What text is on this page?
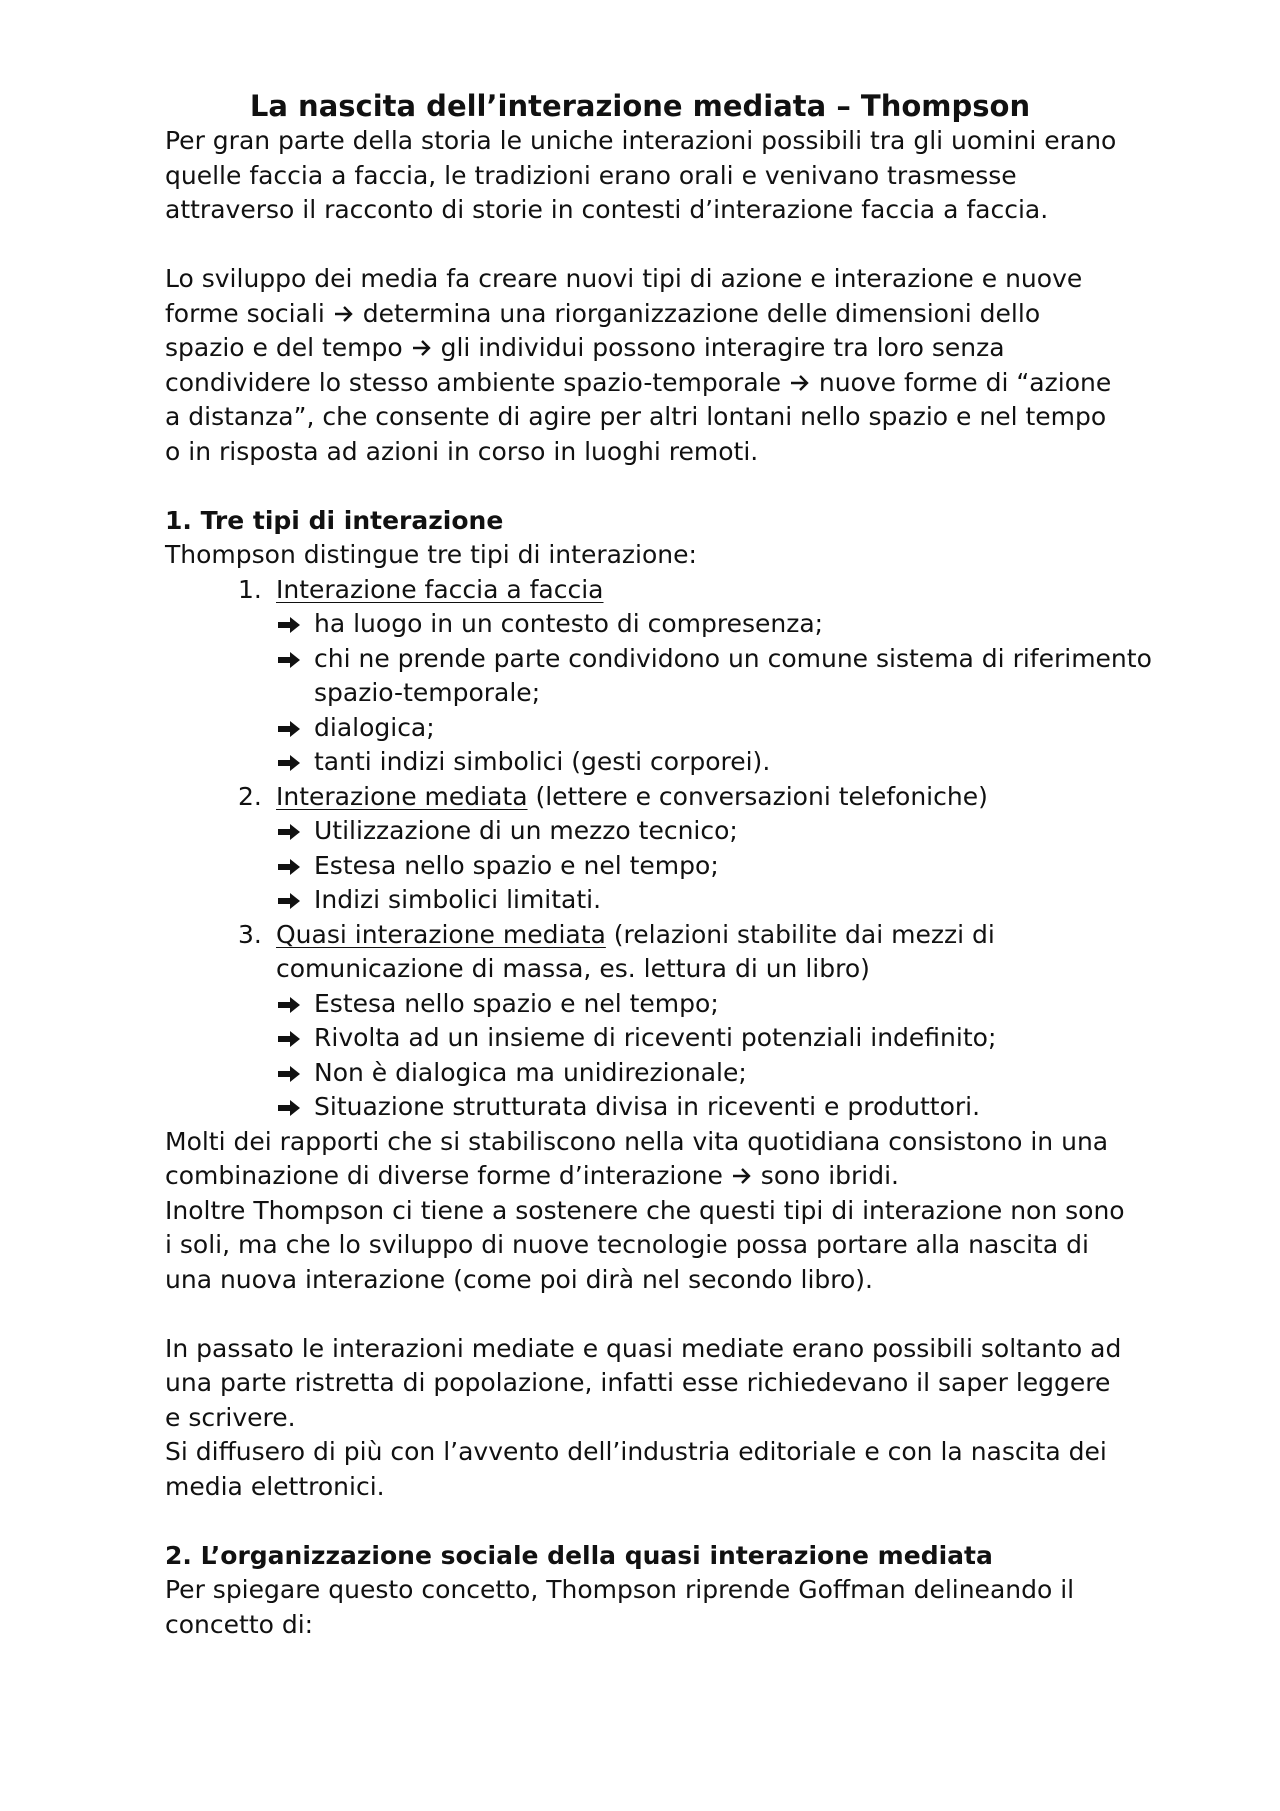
La nascita dell’interazione mediata – Thompson

Per gran parte della storia le uniche interazioni possibili tra gli uomini erano quelle faccia a faccia, le tradizioni erano orali e venivano trasmesse attraverso il racconto di storie in contesti d’interazione faccia a faccia.

Lo sviluppo dei media fa creare nuovi tipi di azione e interazione e nuove forme sociali  determina una riorganizzazione delle dimensioni dello spazio e del tempo  gli individui possono interagire tra loro senza condividere lo stesso ambiente spazio-temporale  nuove forme di “azione a distanza”, che consente di agire per altri lontani nello spazio e nel tempo o in risposta ad azioni in corso in luoghi remoti.

1. Tre tipi di interazione

Thompson distingue tre tipi di interazione:

1. Interazione faccia a faccia
ha luogo in un contesto di compresenza;
chi ne prende parte condividono un comune sistema di riferimento spazio-temporale;
dialogica;
tanti indizi simbolici (gesti corporei).
2. Interazione mediata (lettere e conversazioni telefoniche)
Utilizzazione di un mezzo tecnico;
Estesa nello spazio e nel tempo;
Indizi simbolici limitati.
3. Quasi interazione mediata (relazioni stabilite dai mezzi di comunicazione di massa, es. lettura di un libro)
Estesa nello spazio e nel tempo;
Rivolta ad un insieme di riceventi potenziali indefinito;
Non è dialogica ma unidirezionale;
Situazione strutturata divisa in riceventi e produttori.

Molti dei rapporti che si stabiliscono nella vita quotidiana consistono in una combinazione di diverse forme d’interazione  sono ibridi.

Inoltre Thompson ci tiene a sostenere che questi tipi di interazione non sono i soli, ma che lo sviluppo di nuove tecnologie possa portare alla nascita di una nuova interazione (come poi dirà nel secondo libro).

In passato le interazioni mediate e quasi mediate erano possibili soltanto ad una parte ristretta di popolazione, infatti esse richiedevano il saper leggere e scrivere.

Si diffusero di più con l’avvento dell’industria editoriale e con la nascita dei media elettronici.

2. L’organizzazione sociale della quasi interazione mediata

Per spiegare questo concetto, Thompson riprende Goffman delineando il concetto di:
